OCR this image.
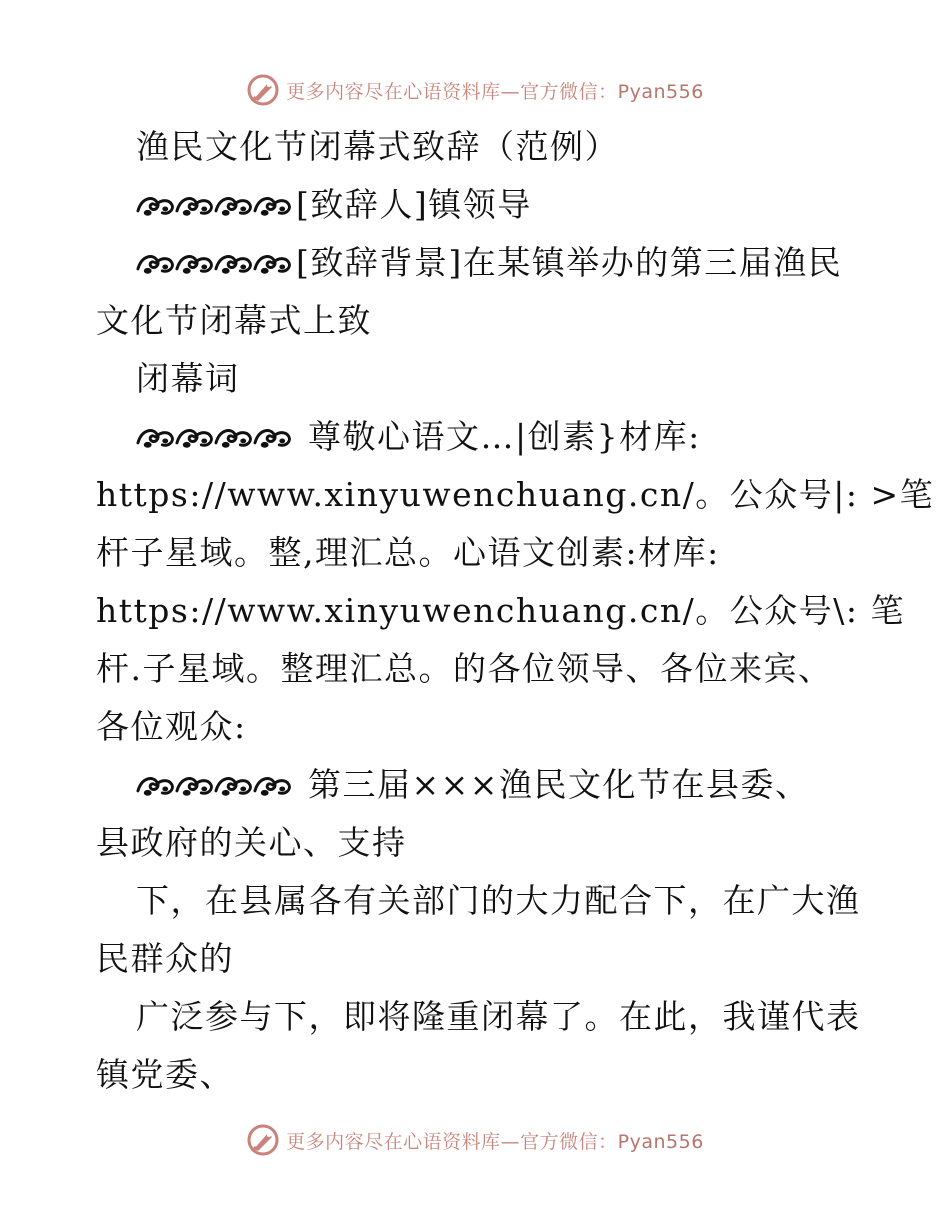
更多内容尽在心语资料库—官方微信：Pyan556
渔民文化节闭幕式致辞（范例）
[致辞人]镇领导
[致辞背景]在某镇举办的第三届渔民
文化节闭幕式上致
闭幕词
尊敬心语文…|创素}材库:
https://www.xinyuwenchuang.cn/。公众号|: >笔
杆子星域。整,理汇总。心语文创素:材库:
https://www.xinyuwenchuang.cn/。公众号\: 笔
杆.子星域。整理汇总。的各位领导、各位来宾、
各位观众:
第三届×××渔民文化节在县委、
县政府的关心、支持
下，在县属各有关部门的大力配合下，在广大渔
民群众的
广泛参与下，即将隆重闭幕了。在此，我谨代表
镇党委、
更多内容尽在心语资料库—官方微信：Pyan556
